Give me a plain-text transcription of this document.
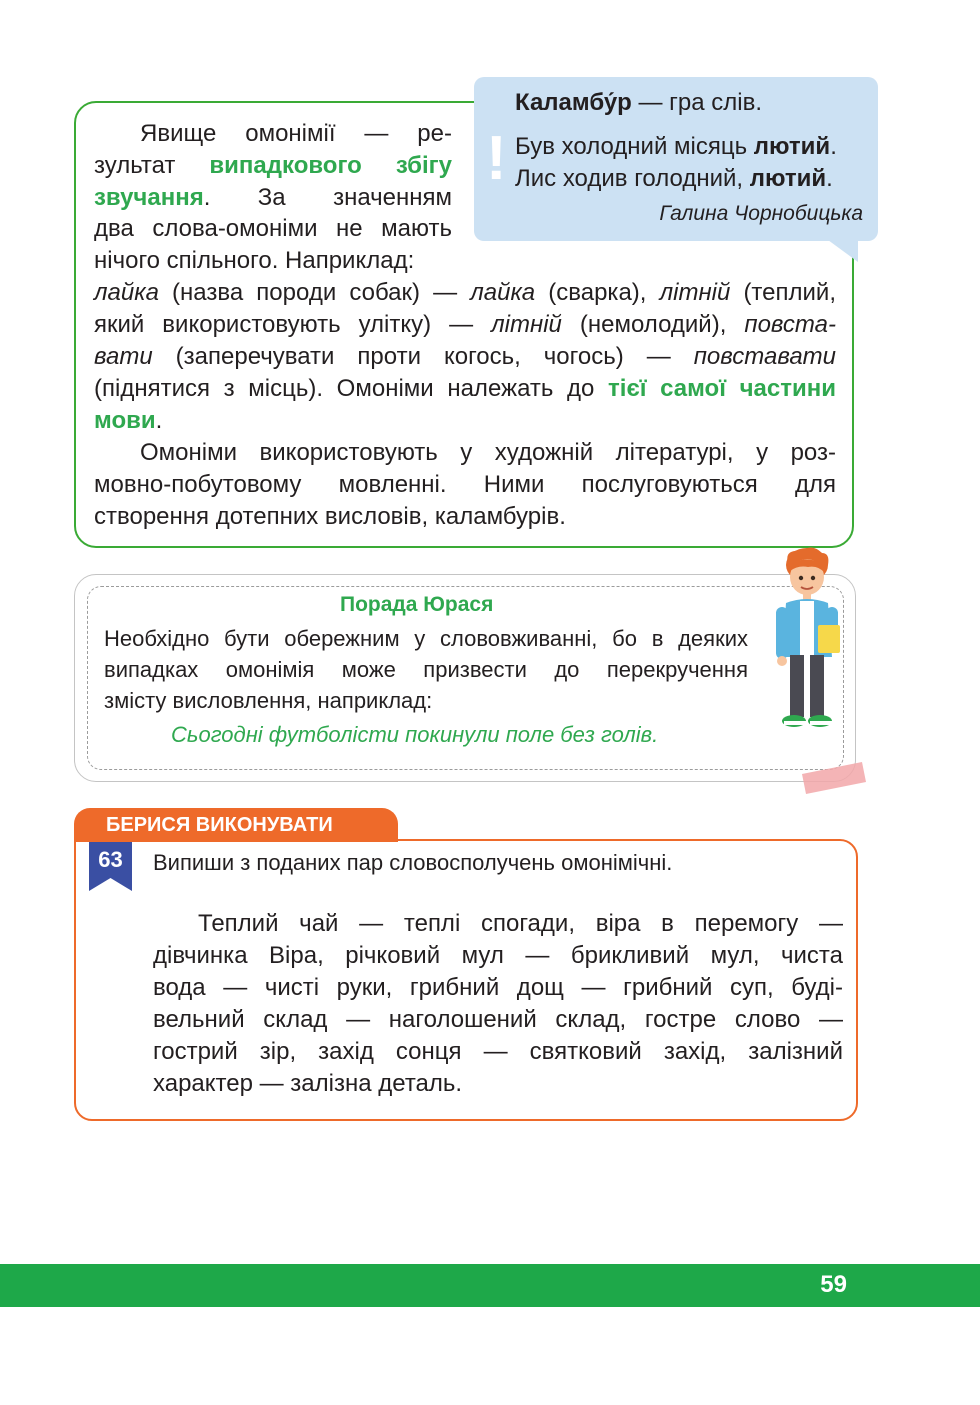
Явище омонімії — ре-

зультат випадкового збігу

звучання. За значенням

два слова-омоніми не мають

нічого спільного. Наприклад:

лайка (назва породи собак) — лайка (сварка), літній (теплий,

який використовують улітку) — літній (немолодий), повста-

вати (заперечувати проти когось, чогось) — повставати

(піднятися з місць). Омоніми належать до тієї самої частини

мови.

Омоніми використовують у художній літературі, у роз-

мовно-побутовому мовленні. Ними послуговуються для

створення дотепних висловів, каламбурів.

!

Каламбу́р — гра слів.

Був холодний місяць лютий.

Лис ходив голодний, лютий.

Галина Чорнобицька

Порада Юрася

Необхідно бути обережним у слововживанні, бо в деяких

випадках омонімія може призвести до перекручення

змісту висловлення, наприклад:

Сьогодні футболісти покинули поле без голів.

БЕРИСЯ ВИКОНУВАТИ

63	Випиши з поданих пар словосполучень омонімічні.

Теплий чай — теплі спогади, віра в перемогу —

дівчинка Віра, річковий мул — брикливий мул, чиста

вода — чисті руки, грибний дощ — грибний суп, буді-

вельний склад — наголошений склад, гостре слово —

гострий зір, захід сонця — святковий захід, залізний

характер — залізна деталь.

59
